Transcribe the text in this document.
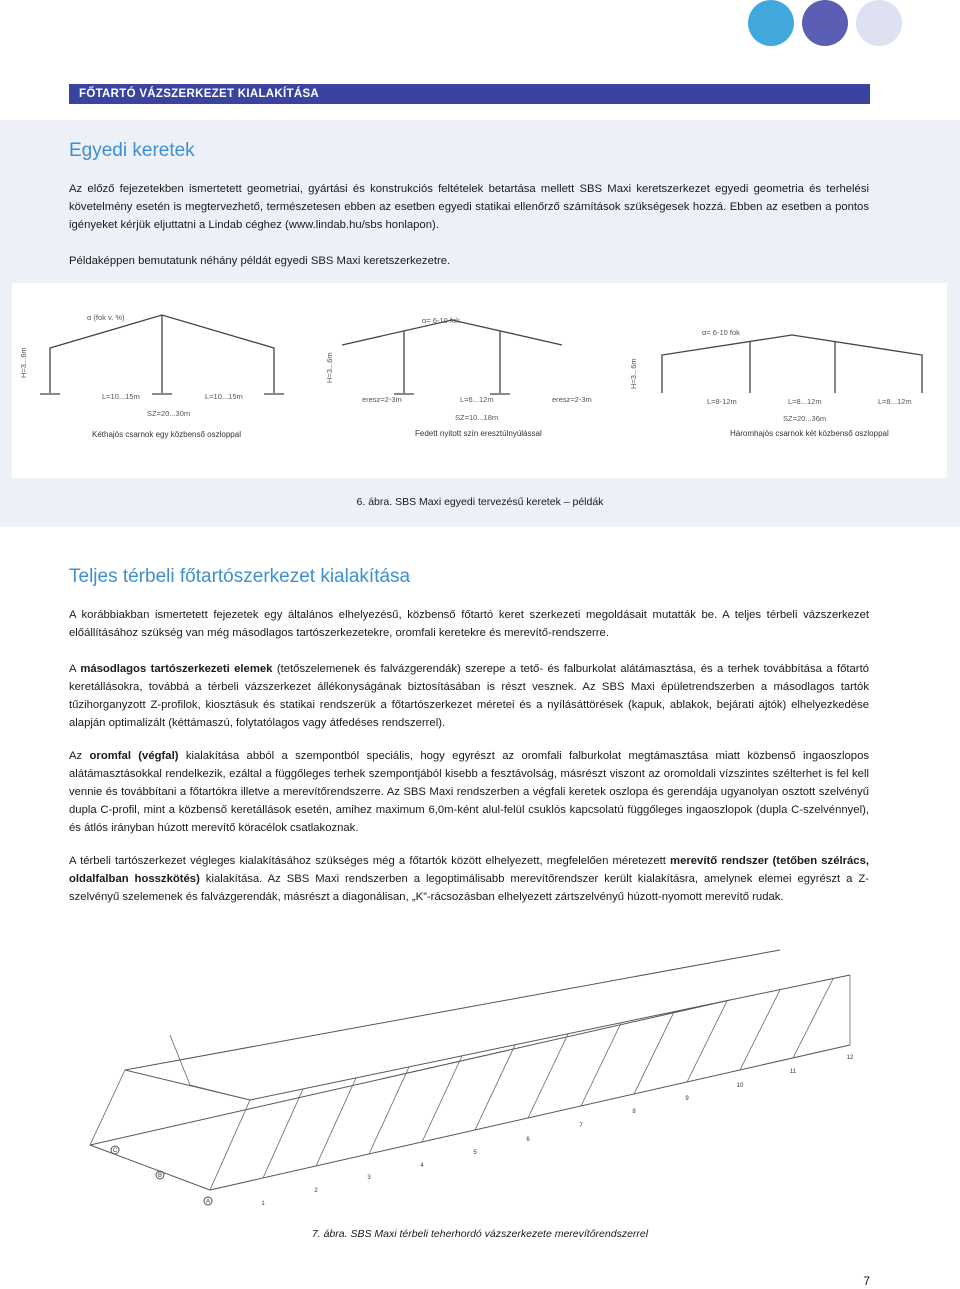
FŐTARTÓ VÁZSZERKEZET KIALAKÍTÁSA
Egyedi keretek

Az előző fejezetekben ismertetett geometriai, gyártási és konstrukciós feltételek betartása mellett SBS Maxi keretszerkezet egyedi geometria és terhelési követelmény esetén is megtervezhető, természetesen ebben az esetben egyedi statikai ellenőrző számítások szükségesek hozzá. Ebben az esetben a pontos igényeket kérjük eljuttatni a Lindab céghez (www.lindab.hu/sbs honlapon).

Példaképpen bemutatunk néhány példát egyedi SBS Maxi keretszerkezetre.

α (fok v. %)
H=3...6m
L=10...15m	L=10...15m
SZ=20...30m
Kéthajós csarnok egy közbenső oszloppal
α= 6-10 fok
H=3...6m
eresz=2-3m	L=6...12m	eresz=2-3m
SZ=10...18m
Fedett nyitott szín eresztúlnyúlással
α= 6-10 fok
H=3...6m
L=8-12m	L=8...12m	L=8...12m
SZ=20...36m
Háromhajós csarnok két közbenső oszloppal
6. ábra. SBS Maxi egyedi tervezésű keretek – példák
Teljes térbeli főtartószerkezet kialakítása

A korábbiakban ismertetett fejezetek egy általános elhelyezésű, közbenső főtartó keret szerkezeti megoldásait mutatták be. A teljes térbeli vázszerkezet előállításához szükség van még másodlagos tartószerkezetekre, oromfali keretekre és merevítő-rendszerre.

A másodlagos tartószerkezeti elemek (tetőszelemenek és falvázgerendák) szerepe a tető- és falburkolat alátámasztása, és a terhek továbbítása a főtartó keretállásokra, továbbá a térbeli vázszerkezet állékonyságának biztosításában is részt vesznek. Az SBS Maxi épületrendszerben a másodlagos tartók tűzihorganyzott Z-profilok, kiosztásuk és statikai rendszerük a főtartószerkezet méretei és a nyílásáttörések (kapuk, ablakok, bejárati ajtók) elhelyezkedése alapján optimalizált (kéttámaszú, folytatólagos vagy átfedéses rendszerrel).

Az oromfal (végfal) kialakítása abból a szempontból speciális, hogy egyrészt az oromfali falburkolat megtámasztása miatt közbenső ingaoszlopos alátámasztásokkal rendelkezik, ezáltal a függőleges terhek szempontjából kisebb a fesztávolság, másrészt viszont az oromoldali vízszintes szélterhet is fel kell vennie és továbbítani a főtartókra illetve a merevítőrendszerre. Az SBS Maxi rendszerben a végfali keretek oszlopa és gerendája ugyanolyan osztott szelvényű dupla C-profil, mint a közbenső keretállások esetén, amihez maximum 6,0m-ként alul-felül csuklós kapcsolatú függőleges ingaoszlopok (dupla C-szelvénnyel), és átlós irányban húzott merevítő köracélok csatlakoznak.

A térbeli tartószerkezet végleges kialakításához szükséges még a főtartók között elhelyezett, megfelelően méretezett merevítő rendszer (tetőben szélrács, oldalfalban hosszkötés) kialakítása. Az SBS Maxi rendszerben a legoptimálisabb merevítőrendszer került kialakításra, amelynek elemei egyrészt a Z-szelvényű szelemenek és falvázgerendák, másrészt a diagonálisan, „K”-rácsozásban elhelyezett zártszelvényű húzott-nyomott merevítő rudak.

A
B
C
1
2
3
4
5
6
7
8
9
10
11
12
7. ábra. SBS Maxi térbeli teherhordó vázszerkezete merevítőrendszerrel
7
